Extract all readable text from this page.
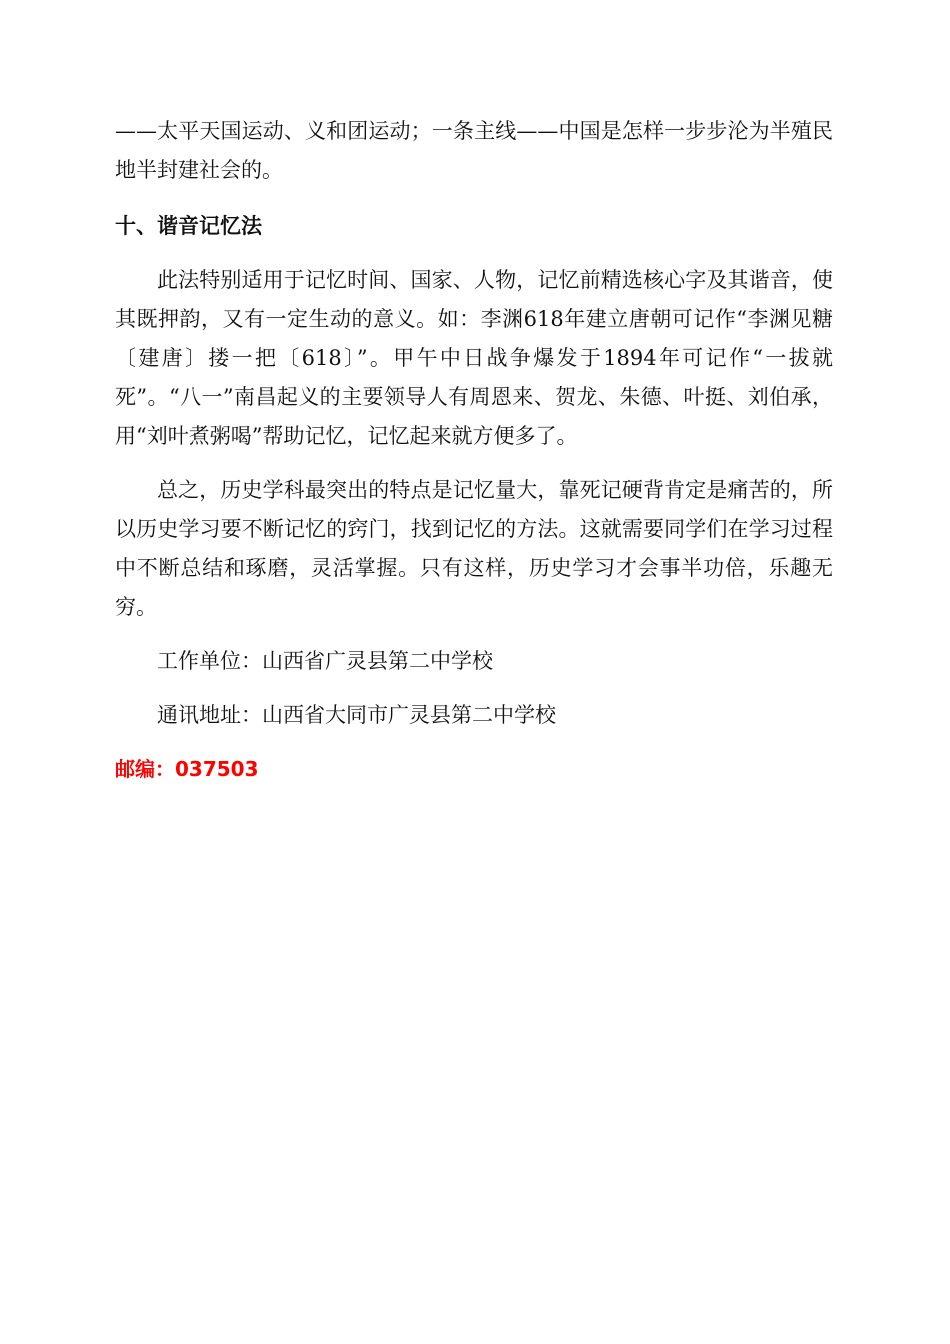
——太平天国运动、义和团运动；一条主线——中国是怎样一步步沦为半殖民地半封建社会的。

十、谐音记忆法

此法特别适用于记忆时间、国家、人物，记忆前精选核心字及其谐音，使其既押韵，又有一定生动的意义。如：李渊618年建立唐朝可记作“李渊见糖〔建唐〕搂一把〔618〕”。甲午中日战争爆发于1894年可记作“一拔就死”。“八一”南昌起义的主要领导人有周恩来、贺龙、朱德、叶挺、刘伯承，用“刘叶煮粥喝”帮助记忆，记忆起来就方便多了。

总之，历史学科最突出的特点是记忆量大，靠死记硬背肯定是痛苦的，所以历史学习要不断记忆的窍门，找到记忆的方法。这就需要同学们在学习过程中不断总结和琢磨，灵活掌握。只有这样，历史学习才会事半功倍，乐趣无穷。

工作单位：山西省广灵县第二中学校

通讯地址：山西省大同市广灵县第二中学校

邮编：037503
